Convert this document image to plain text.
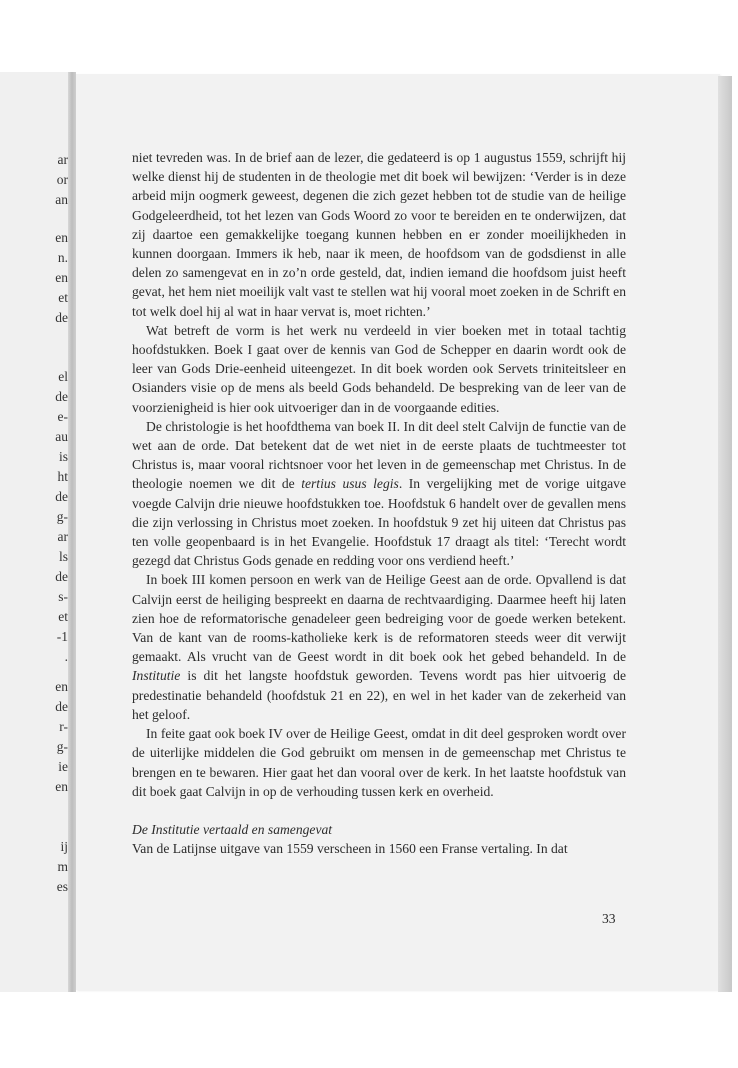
ar
or
an
en
n.
en
et
de
el
de
e-
au
is
ht
de
g-
ar
ls
de
s-
et
-1
.
en
de
r-
g-
ie
en
ij
m
es

niet tevreden was. In de brief aan de lezer, die gedateerd is op 1 augustus 1559, schrijft hij welke dienst hij de studenten in de theologie met dit boek wil bewijzen: ‘Verder is in deze arbeid mijn oogmerk geweest, degenen die zich gezet hebben tot de studie van de heilige Godgeleerdheid, tot het lezen van Gods Woord zo voor te bereiden en te onderwijzen, dat zij daartoe een gemakkelijke toegang kunnen hebben en er zonder moeilijkheden in kunnen doorgaan. Immers ik heb, naar ik meen, de hoofdsom van de godsdienst in alle delen zo samengevat en in zo’n orde gesteld, dat, indien iemand die hoofdsom juist heeft gevat, het hem niet moeilijk valt vast te stellen wat hij vooral moet zoeken in de Schrift en tot welk doel hij al wat in haar vervat is, moet richten.’

Wat betreft de vorm is het werk nu verdeeld in vier boeken met in totaal tachtig hoofdstukken. Boek I gaat over de kennis van God de Schepper en daarin wordt ook de leer van Gods Drie-eenheid uiteengezet. In dit boek worden ook Servets triniteitsleer en Osianders visie op de mens als beeld Gods behandeld. De bespreking van de leer van de voorzienigheid is hier ook uitvoeriger dan in de voorgaande edities.

De christologie is het hoofdthema van boek II. In dit deel stelt Calvijn de functie van de wet aan de orde. Dat betekent dat de wet niet in de eerste plaats de tuchtmeester tot Christus is, maar vooral richtsnoer voor het leven in de gemeenschap met Christus. In de theologie noemen we dit de tertius usus legis. In vergelijking met de vorige uitgave voegde Calvijn drie nieuwe hoofdstukken toe. Hoofdstuk 6 handelt over de gevallen mens die zijn verlossing in Christus moet zoeken. In hoofdstuk 9 zet hij uiteen dat Christus pas ten volle geopenbaard is in het Evangelie. Hoofdstuk 17 draagt als titel: ‘Terecht wordt gezegd dat Christus Gods genade en redding voor ons verdiend heeft.’

In boek III komen persoon en werk van de Heilige Geest aan de orde. Opvallend is dat Calvijn eerst de heiliging bespreekt en daarna de rechtvaardiging. Daarmee heeft hij laten zien hoe de reformatorische genadeleer geen bedreiging voor de goede werken betekent. Van de kant van de rooms-katholieke kerk is de reformatoren steeds weer dit verwijt gemaakt. Als vrucht van de Geest wordt in dit boek ook het gebed behandeld. In de Institutie is dit het langste hoofdstuk geworden. Tevens wordt pas hier uitvoerig de predestinatie behandeld (hoofdstuk 21 en 22), en wel in het kader van de zekerheid van het geloof.

In feite gaat ook boek IV over de Heilige Geest, omdat in dit deel gesproken wordt over de uiterlijke middelen die God gebruikt om mensen in de gemeenschap met Christus te brengen en te bewaren. Hier gaat het dan vooral over de kerk. In het laatste hoofdstuk van dit boek gaat Calvijn in op de verhouding tussen kerk en overheid.

De Institutie vertaald en samengevat

Van de Latijnse uitgave van 1559 verscheen in 1560 een Franse vertaling. In dat

33
